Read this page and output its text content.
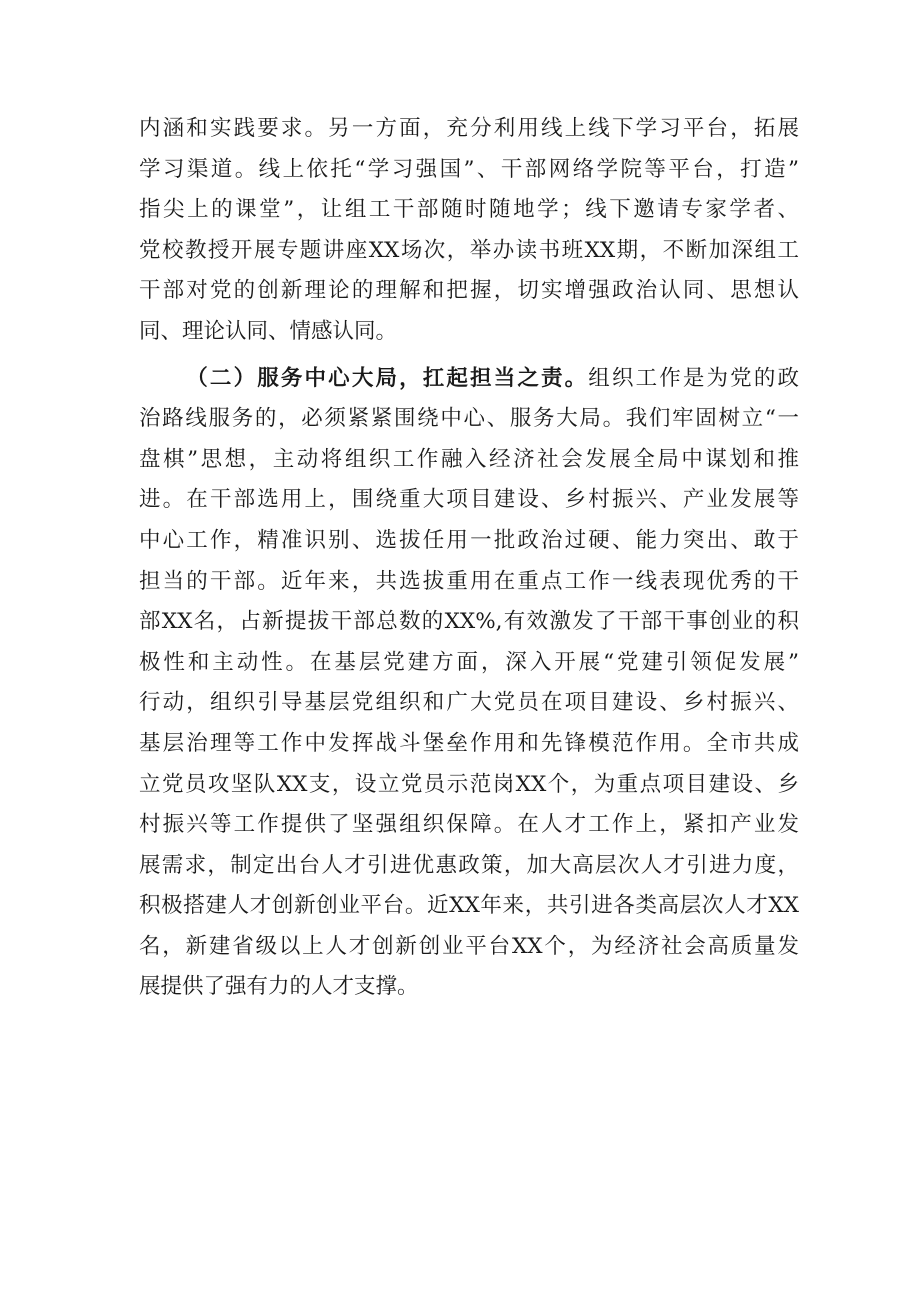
内涵和实践要求。另一方面，充分利用线上线下学习平台，拓展
学习渠道。线上依托“学习强国”、干部网络学院等平台，打造”
指尖上的课堂”，让组工干部随时随地学；线下邀请专家学者、
党校教授开展专题讲座XX场次，举办读书班XX期，不断加深组工
干部对党的创新理论的理解和把握，切实增强政治认同、思想认
同、理论认同、情感认同。
（二）服务中心大局，扛起担当之责。组织工作是为党的政
治路线服务的，必须紧紧围绕中心、服务大局。我们牢固树立“一
盘棋”思想，主动将组织工作融入经济社会发展全局中谋划和推
进。在干部选用上，围绕重大项目建设、乡村振兴、产业发展等
中心工作，精准识别、选拔任用一批政治过硬、能力突出、敢于
担当的干部。近年来，共选拔重用在重点工作一线表现优秀的干
部XX名，占新提拔干部总数的XX%,有效激发了干部干事创业的积
极性和主动性。在基层党建方面，深入开展“党建引领促发展”
行动，组织引导基层党组织和广大党员在项目建设、乡村振兴、
基层治理等工作中发挥战斗堡垒作用和先锋模范作用。全市共成
立党员攻坚队XX支，设立党员示范岗XX个，为重点项目建设、乡
村振兴等工作提供了坚强组织保障。在人才工作上，紧扣产业发
展需求，制定出台人才引进优惠政策，加大高层次人才引进力度，
积极搭建人才创新创业平台。近XX年来，共引进各类高层次人才XX
名，新建省级以上人才创新创业平台XX个，为经济社会高质量发
展提供了强有力的人才支撑。
